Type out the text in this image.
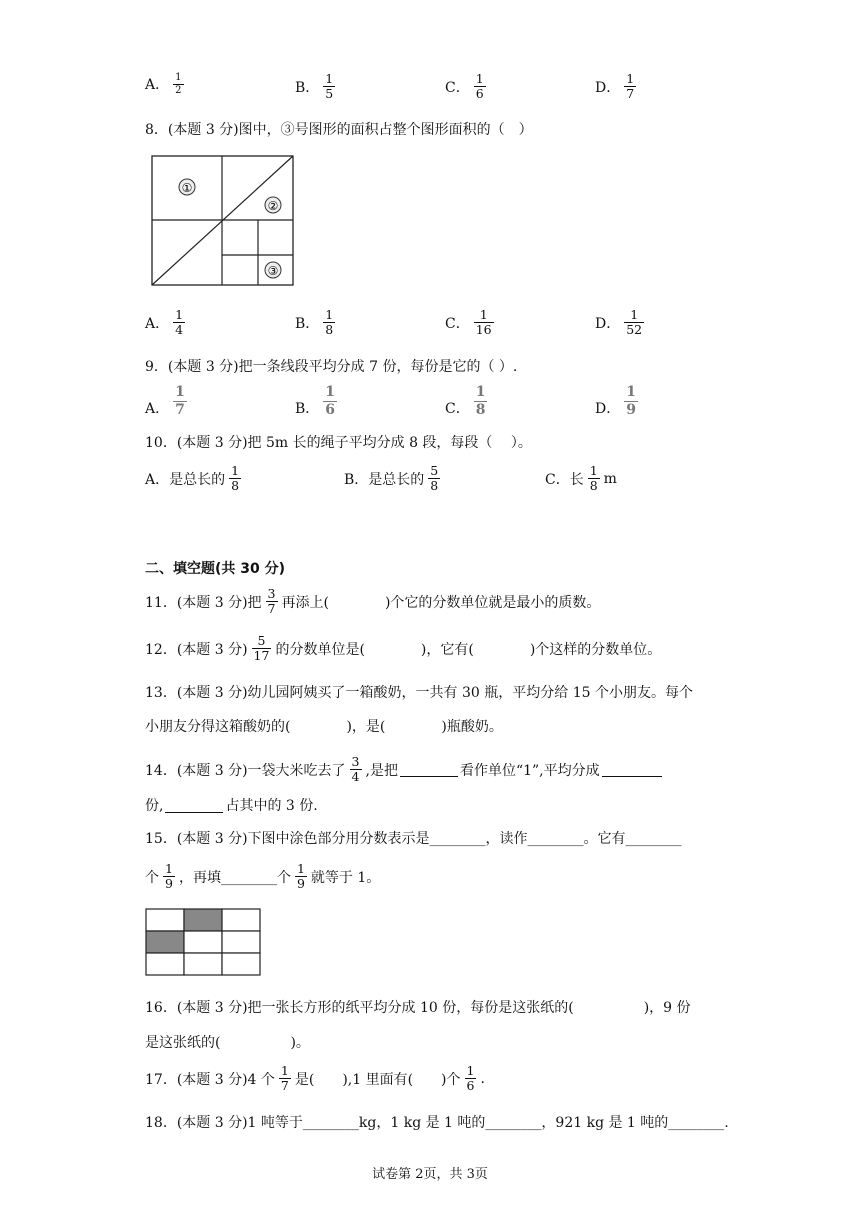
A． $\frac{1}{2}$	B． $\frac{1}{5}$	C． $\frac{1}{6}$	D． $\frac{1}{7}$
8．(本题 3 分)图中，③号图形的面积占整个图形面积的（　）
①
②
③
A． $\frac{1}{4}$	B． $\frac{1}{8}$	C． $\frac{1}{16}$	D． $\frac{1}{52}$
9．(本题 3 分)把一条线段平均分成 7 份，每份是它的（ ）.
A． $\frac{1}{7}$	B． $\frac{1}{6}$	C． $\frac{1}{8}$	D． $\frac{1}{9}$
10．(本题 3 分)把 5m 长的绳子平均分成 8 段，每段（　 ）。
A．是总长的 $\frac{1}{8}$	B．是总长的 $\frac{5}{8}$	C．长 $\frac{1}{8}$ m
二、填空题(共 30 分)
11．(本题 3 分)把 $\frac{3}{7}$ 再添上(　　　　)个它的分数单位就是最小的质数。
12．(本题 3 分) $\frac{5}{17}$ 的分数单位是(　　　　)，它有(　　　　)个这样的分数单位。
13．(本题 3 分)幼儿园阿姨买了一箱酸奶，一共有 30 瓶，平均分给 15 个小朋友。每个
小朋友分得这箱酸奶的(　　　　)，是(　　　　)瓶酸奶。
14．(本题 3 分)一袋大米吃去了 $\frac{3}{4}$ ,是把	看作单位“1”,平均分成
份,	占其中的 3 份.
15．(本题 3 分)下图中涂色部分用分数表示是________，读作________。它有________
个 $\frac{1}{9}$ ，再填________个 $\frac{1}{9}$ 就等于 1。
16．(本题 3 分)把一张长方形的纸平均分成 10 份，每份是这张纸的(　　　　　)，9 份
是这张纸的(　　　　　)。
17．(本题 3 分)4 个 $\frac{1}{7}$ 是(　　),1 里面有(　　)个 $\frac{1}{6}$ .
18．(本题 3 分)1 吨等于________kg，1 kg 是 1 吨的________，921 kg 是 1 吨的________.
试卷第 2页，共 3页
